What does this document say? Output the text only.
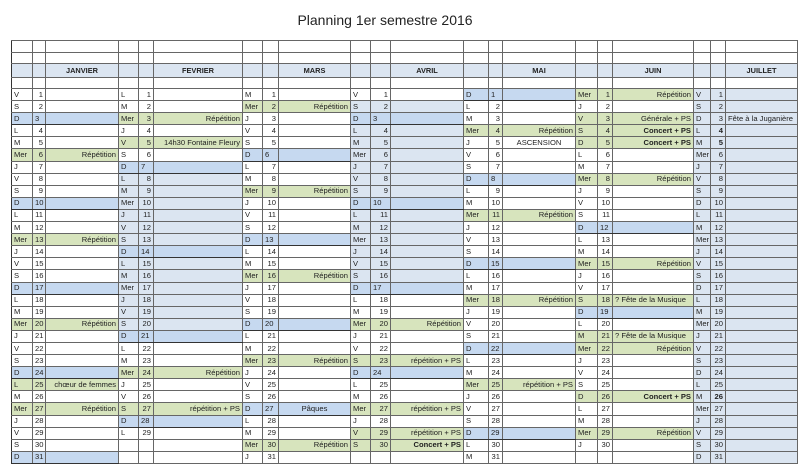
Planning 1er semestre 2016

		JANVIER			FEVRIER			MARS			AVRIL			MAI			JUIN			JUILLET

V	1		L	1		M	1		V	1		D	1		Mer	1	Répétition	V	1	
S	2		M	2		Mer	2	Répétition	S	2		L	2		J	2		S	2	
D	3		Mer	3	Répétition	J	3		D	3		M	3		V	3	Générale + PS	D	3	Fête à la Juganière
L	4		J	4		V	4		L	4		Mer	4	Répétition	S	4	Concert + PS	L	4	
M	5		V	5	14h30 Fontaine Fleury	S	5		M	5		J	5	ASCENSION	D	5	Concert + PS	M	5	
Mer	6	Répétition	S	6		D	6		Mer	6		V	6		L	6		Mer	6	
J	7		D	7		L	7		J	7		S	7		M	7		J	7	
V	8		L	8		M	8		V	8		D	8		Mer	8	Répétition	V	8	
S	9		M	9		Mer	9	Répétition	S	9		L	9		J	9		S	9	
D	10		Mer	10		J	10		D	10		M	10		V	10		D	10	
L	11		J	11		V	11		L	11		Mer	11	Répétition	S	11		L	11	
M	12		V	12		S	12		M	12		J	12		D	12		M	12	
Mer	13	Répétition	S	13		D	13		Mer	13		V	13		L	13		Mer	13	
J	14		D	14		L	14		J	14		S	14		M	14		J	14	
V	15		L	15		M	15		V	15		D	15		Mer	15	Répétition	V	15	
S	16		M	16		Mer	16	Répétition	S	16		L	16		J	16		S	16	
D	17		Mer	17		J	17		D	17		M	17		V	17		D	17	
L	18		J	18		V	18		L	18		Mer	18	Répétition	S	18	? Fête de la Musique	L	18	
M	19		V	19		S	19		M	19		J	19		D	19		M	19	
Mer	20	Répétition	S	20		D	20		Mer	20	Répétition	V	20		L	20		Mer	20	
J	21		D	21		L	21		J	21		S	21		M	21	? Fête de la Musique	J	21	
V	22		L	22		M	22		V	22		D	22		Mer	22	Répétition	V	22	
S	23		M	23		Mer	23	Répétition	S	23	répétition + PS	L	23		J	23		S	23	
D	24		Mer	24	Répétition	J	24		D	24		M	24		V	24		D	24	
L	25	chœur de femmes	J	25		V	25		L	25		Mer	25	répétition + PS	S	25		L	25	
M	26		V	26		S	26		M	26		J	26		D	26	Concert + PS	M	26	
Mer	27	Répétition	S	27	répétition + PS	D	27	Pâques	Mer	27	répétition + PS	V	27		L	27		Mer	27	
J	28		D	28		L	28		J	28		S	28		M	28		J	28	
V	29		L	29		M	29		V	29	répétition + PS	D	29		Mer	29	Répétition	V	29	
S	30					Mer	30	Répétition	S	30	Concert + PS	L	30		J	30		S	30	
D	31					J	31					M	31					D	31	
